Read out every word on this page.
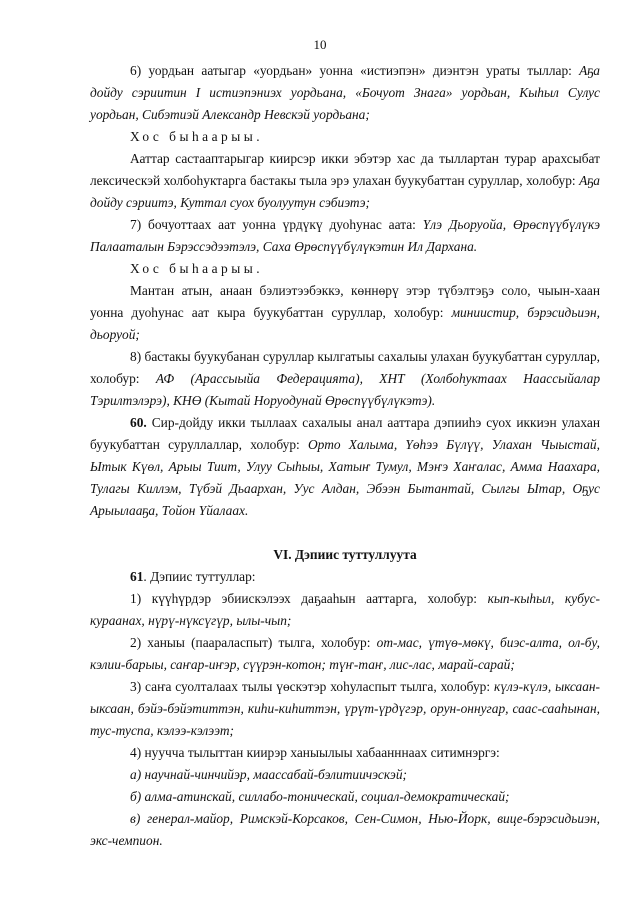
10

6) уордьан аатыгар «уордьан» уонна «истиэпэн» диэнтэн ураты тыллар: Аҕа дойду сэриитин I истиэпэниэх уордьана, «Бочуот Знага» уордьан, Кыһыл Сулус уордьан, Сибэтиэй Александр Невскэй уордьана;

Хос быһаарыы.

Ааттар састааптарыгар киирсэр икки эбэтэр хас да тыллартан турар арахсыбат лексическэй холбоһуктарга бастакы тыла эрэ улахан буукубаттан суруллар, холобур: Аҕа дойду сэриитэ, Куттал суох буолуутун сэбиэтэ;

7) бочуоттаах аат уонна үрдүкү дуоһунас аата: Үлэ Дьоруойа, Өрөспүүбүлүкэ Палааталын Бэрэссэдээтэлэ, Саха Өрөспүүбүлүкэтин Ил Дархана.

Хос быһаарыы.

Мантан атын, анаан бэлиэтээбэккэ, көннөрү этэр түбэлтэҕэ соло, чыын-хаан уонна дуоһунас аат кыра буукубаттан суруллар, холобур: миниистир, бэрэсидьиэн, дьоруой;

8) бастакы буукубанан суруллар кылгатыы сахалыы улахан буукубаттан суруллар, холобур: АФ (Арассыыйа Федерацията), ХНТ (Холбоһуктаах Наассыйалар Тэрилтэлэрэ), КНӨ (Кытай Норуодунай Өрөспүүбүлүкэтэ).

60. Сир-дойду икки тыллаах сахалыы анал ааттара дэпииһэ суох иккиэн улахан буукубаттан суруллаллар, холобур: Орто Халыма, Үөһээ Бүлүү, Улахан Чыыстай, Ытык Күөл, Арыы Тиит, Улуу Сыһыы, Хатыҥ Тумул, Мэҥэ Хаҥалас, Амма Наахара, Тулагы Киллэм, Түбэй Дьаархан, Уус Алдан, Эбээн Бытантай, Сылгы Ытар, Оҕус Арыылааҕа, Тойон Үйалаах.

VI. Дэпиис туттуллуута

61. Дэпиис туттуллар:

1) күүһүрдэр эбиискэлээх даҕааһын ааттарга, холобур: кып-кыһыл, кубус-кураанах, нүрү-нүксүгүр, ылы-чып;

2) ханыы (паараласпыт) тылга, холобур: от-мас, үтүө-мөкү, биэс-алта, ол-бу, кэлии-барыы, саҥар-иҥэр, сүүрэн-котон; түҥ-таҥ, лис-лас, марай-сарай;

3) саҥа суолталаах тылы үөскэтэр хоһуласпыт тылга, холобур: күлэ-күлэ, ыксаан-ыксаан, бэйэ-бэйэтиттэн, киһи-киһиттэн, үрүт-үрдүгэр, орун-оннугар, саас-сааһынан, тус-туспа, кэлээ-кэлээт;

4) нуучча тылыттан киирэр ханыылыы хабаанннаах ситимнэргэ:

а) научнай-чинчийэр, маассабай-бэлитиичэскэй;

б) алма-атинскай, силлабо-тоническай, социал-демократическай;

в) генерал-майор, Римскэй-Корсаков, Сен-Симон, Нью-Йорк, вице-бэрэсидьиэн, экс-чемпион.
